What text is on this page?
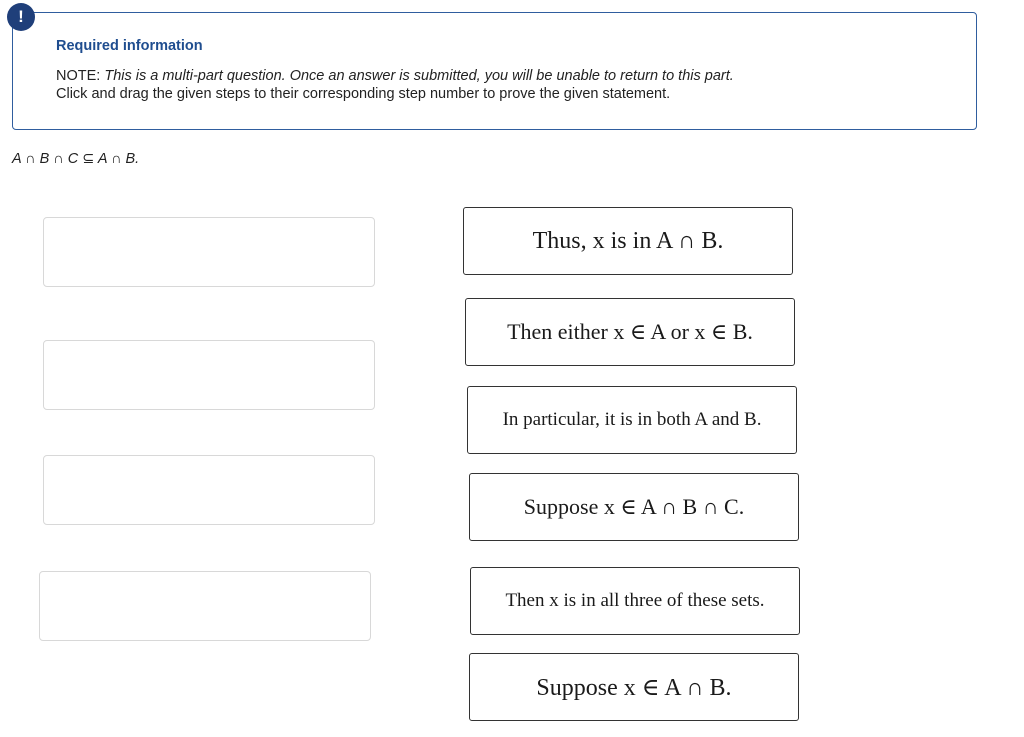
Required information
NOTE: This is a multi-part question. Once an answer is submitted, you will be unable to return to this part.
Click and drag the given steps to their corresponding step number to prove the given statement.
!
A ∩ B ∩ C ⊆ A ∩ B.
Thus, x is in A ∩ B.
Then either x ∈ A or x ∈ B.
In particular, it is in both A and B.
Suppose x ∈ A ∩ B ∩ C.
Then x is in all three of these sets.
Suppose x ∈ A ∩ B.
